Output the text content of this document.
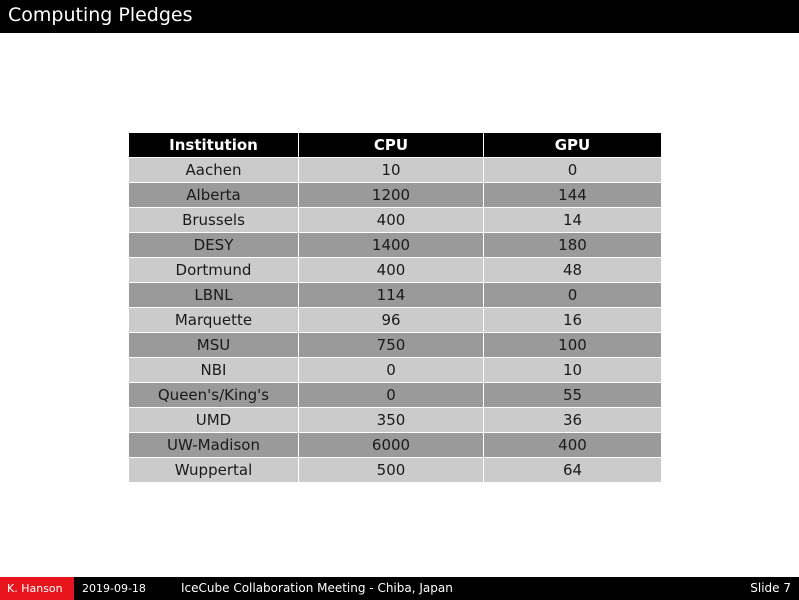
Computing Pledges
Institution	CPU	GPU
Aachen	10	0
Alberta	1200	144
Brussels	400	14
DESY	1400	180
Dortmund	400	48
LBNL	114	0
Marquette	96	16
MSU	750	100
NBI	0	10
Queen's/King's	0	55
UMD	350	36
UW-Madison	6000	400
Wuppertal	500	64
K. Hanson	2019-09-18	IceCube Collaboration Meeting - Chiba, Japan	Slide 7
